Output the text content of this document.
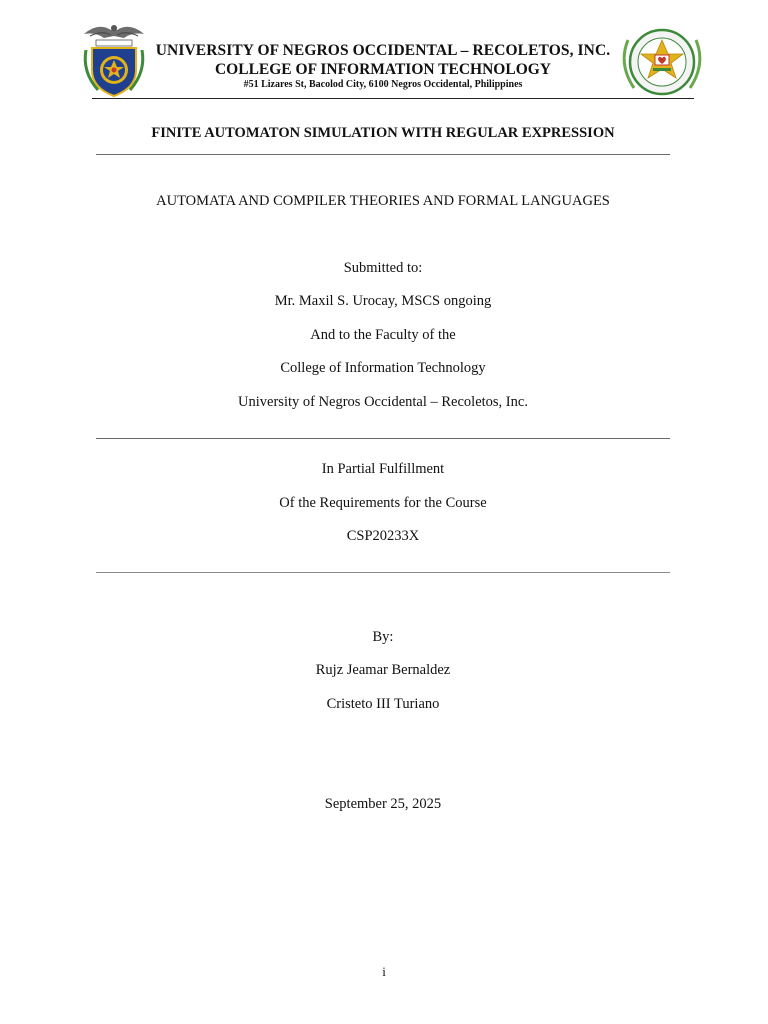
UNIVERSITY OF NEGROS OCCIDENTAL – RECOLETOS, INC.
COLLEGE OF INFORMATION TECHNOLOGY
#51 Lizares St, Bacolod City, 6100 Negros Occidental, Philippines
FINITE AUTOMATON SIMULATION WITH REGULAR EXPRESSION
AUTOMATA AND COMPILER THEORIES AND FORMAL LANGUAGES
Submitted to:
Mr. Maxil S. Urocay, MSCS ongoing
And to the Faculty of the
College of Information Technology
University of Negros Occidental – Recoletos, Inc.
In Partial Fulfillment
Of the Requirements for the Course
CSP20233X
By:
Rujz Jeamar Bernaldez
Cristeto III Turiano
September 25, 2025
i
